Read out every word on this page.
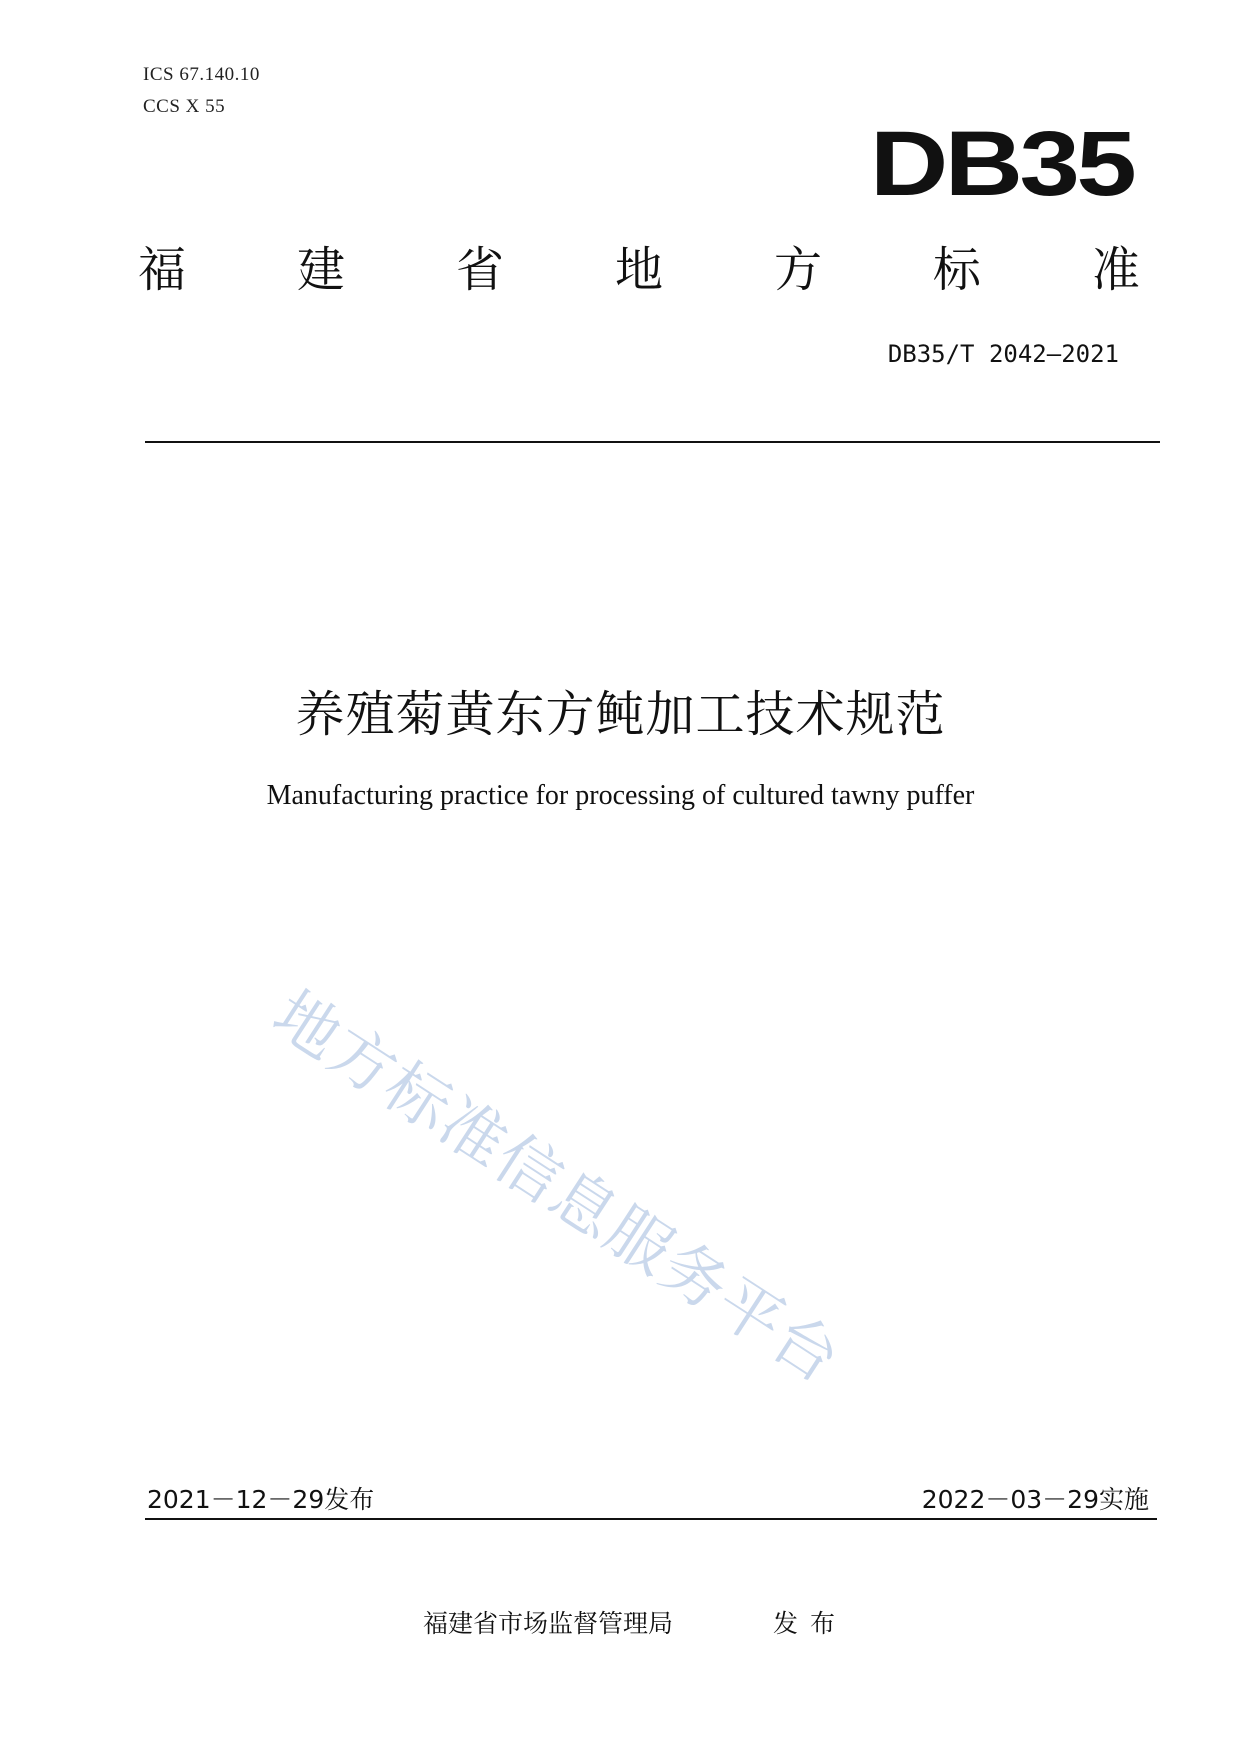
ICS 67.140.10
CCS X 55
DB35
福 建 省 地 方 标 准
DB35/T 2042—2021
养殖菊黄东方鲀加工技术规范
Manufacturing practice for processing of cultured tawny puffer
地方标准信息服务平台
2021－12－29发布	2022－03－29实施
福建省市场监督管理局	发布
